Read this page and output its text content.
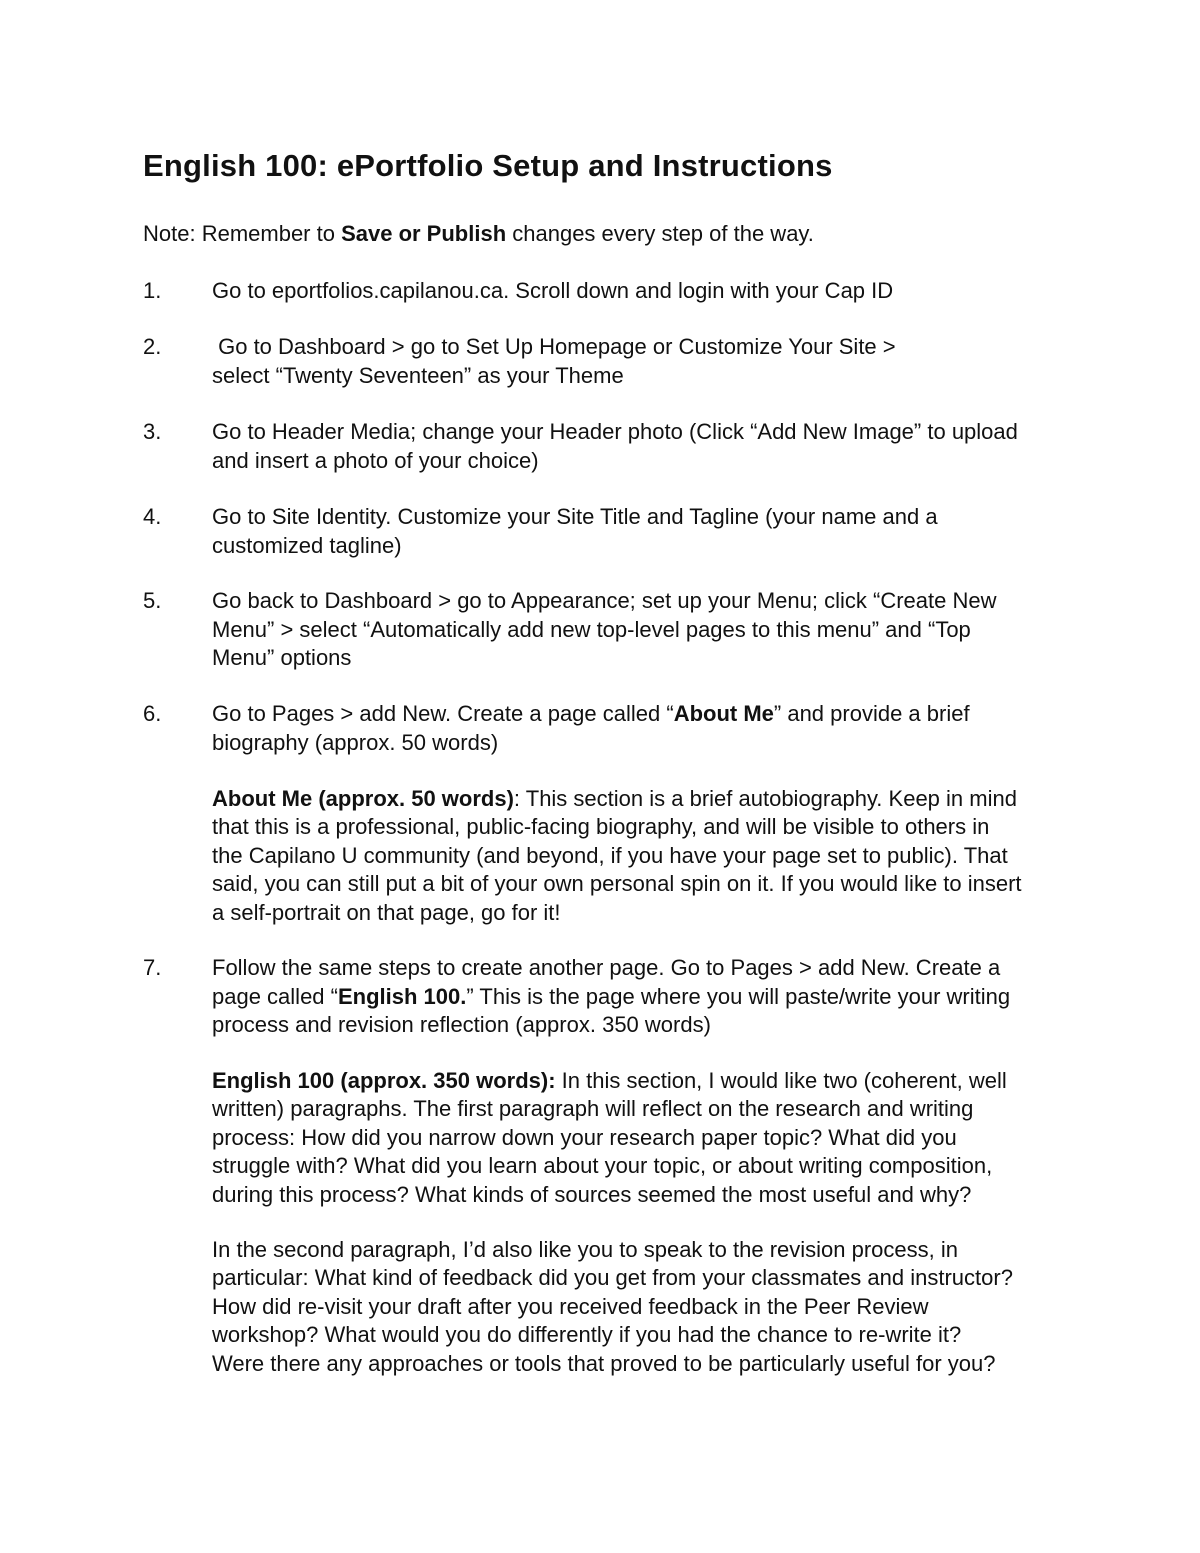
English 100: ePortfolio Setup and Instructions
Note: Remember to Save or Publish changes every step of the way.
1.	Go to eportfolios.capilanou.ca. Scroll down and login with your Cap ID
2.	Go to Dashboard > go to Set Up Homepage or Customize Your Site >
select “Twenty Seventeen” as your Theme
3.	Go to Header Media; change your Header photo (Click “Add New Image” to upload
and insert a photo of your choice)
4.	Go to Site Identity. Customize your Site Title and Tagline (your name and a
customized tagline)
5.	Go back to Dashboard > go to Appearance; set up your Menu; click “Create New
Menu” > select “Automatically add new top-level pages to this menu” and “Top
Menu” options
6.	Go to Pages > add New. Create a page called “About Me” and provide a brief
biography (approx. 50 words)
About Me (approx. 50 words): This section is a brief autobiography. Keep in mind
that this is a professional, public-facing biography, and will be visible to others in
the Capilano U community (and beyond, if you have your page set to public). That
said, you can still put a bit of your own personal spin on it. If you would like to insert
a self-portrait on that page, go for it!
7.	Follow the same steps to create another page. Go to Pages > add New. Create a
page called “English 100.” This is the page where you will paste/write your writing
process and revision reflection (approx. 350 words)
English 100 (approx. 350 words): In this section, I would like two (coherent, well
written) paragraphs. The first paragraph will reflect on the research and writing
process: How did you narrow down your research paper topic? What did you
struggle with? What did you learn about your topic, or about writing composition,
during this process? What kinds of sources seemed the most useful and why?
In the second paragraph, I’d also like you to speak to the revision process, in
particular: What kind of feedback did you get from your classmates and instructor?
How did re-visit your draft after you received feedback in the Peer Review
workshop? What would you do differently if you had the chance to re-write it?
Were there any approaches or tools that proved to be particularly useful for you?
